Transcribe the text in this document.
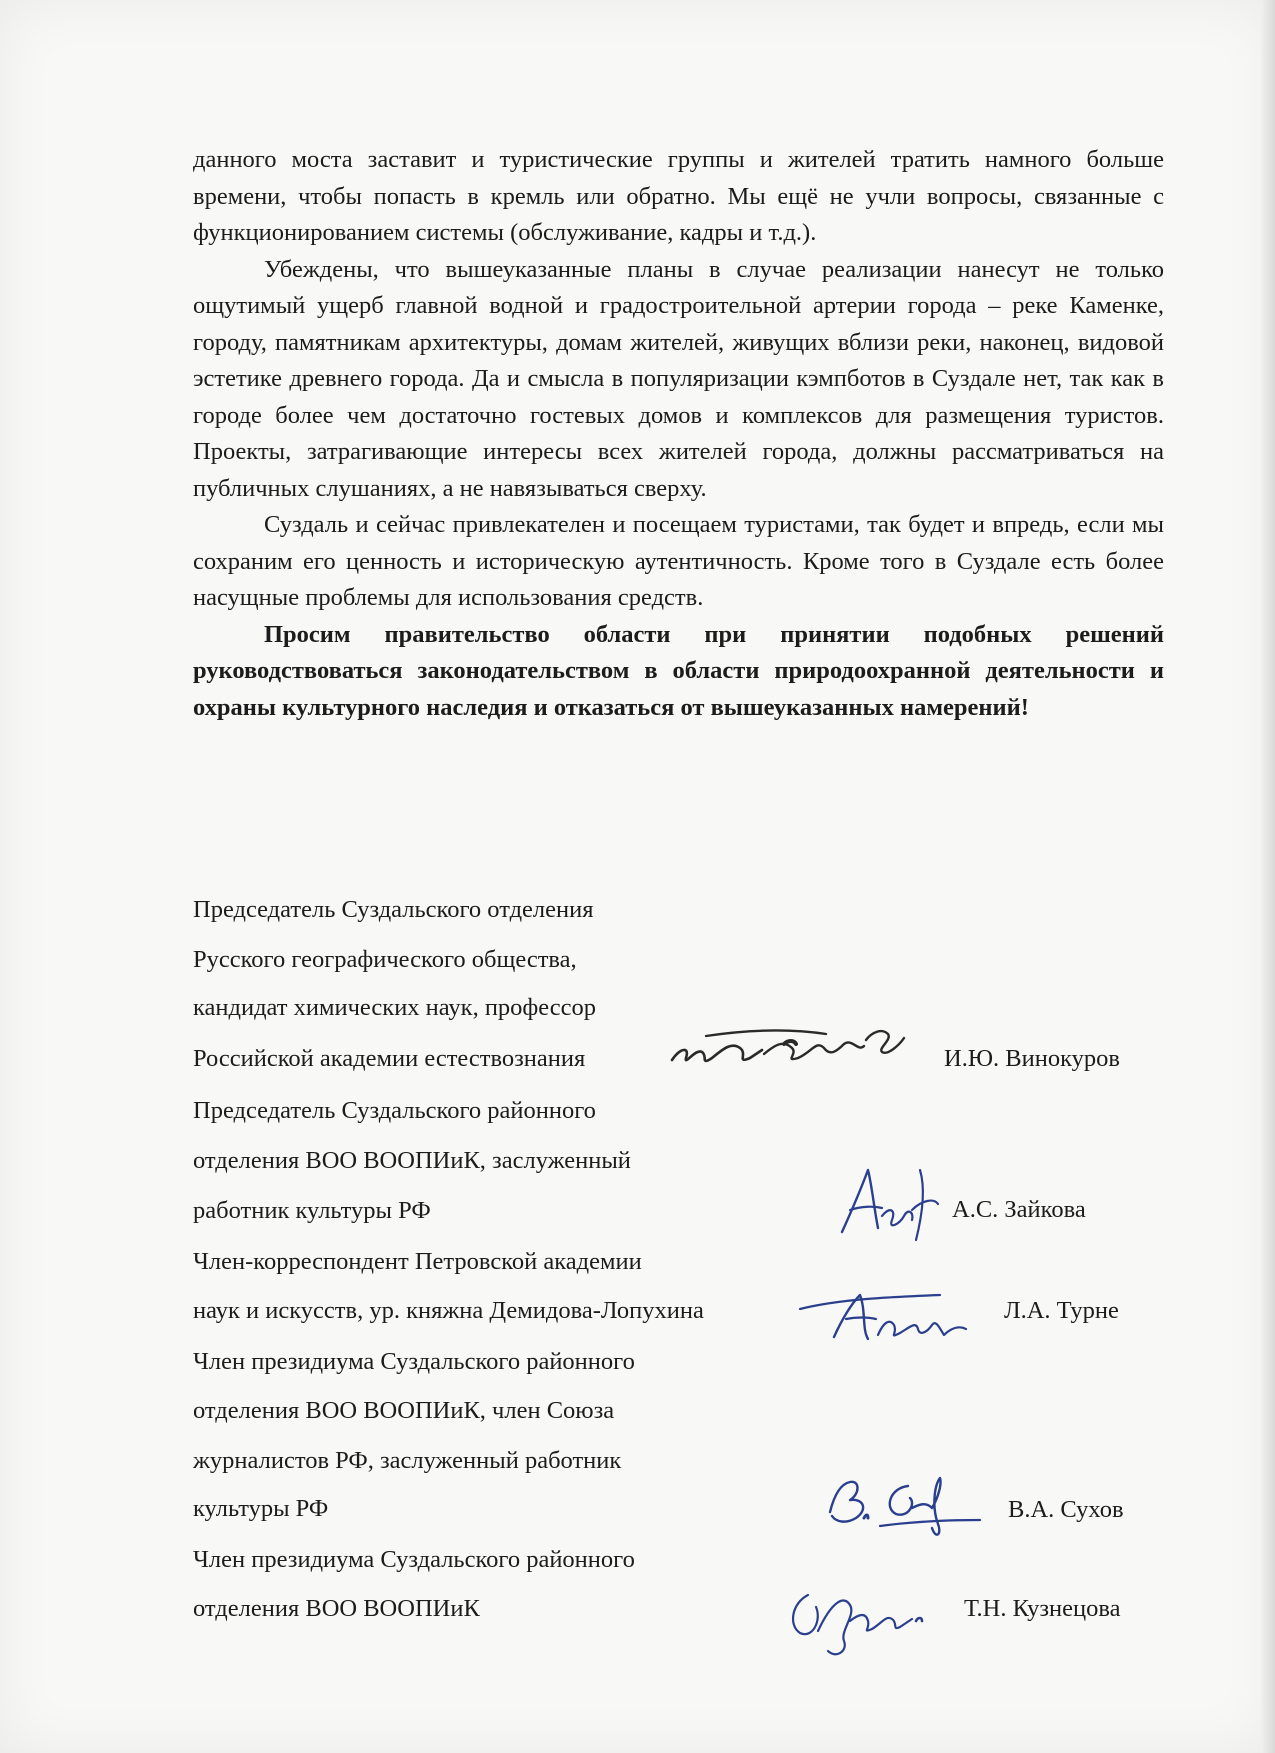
данного моста заставит и туристические группы и жителей тратить намного больше времени, чтобы попасть в кремль или обратно. Мы ещё не учли вопросы, связанные с функционированием системы (обслуживание, кадры и т.д.).

Убеждены, что вышеуказанные планы в случае реализации нанесут не только ощутимый ущерб главной водной и градостроительной артерии города – реке Каменке, городу, памятникам архитектуры, домам жителей, живущих вблизи реки, наконец, видовой эстетике древнего города. Да и смысла в популяризации кэмпботов в Суздале нет, так как в городе более чем достаточно гостевых домов и комплексов для размещения туристов. Проекты, затрагивающие интересы всех жителей города, должны рассматриваться на публичных слушаниях, а не навязываться сверху.

Суздаль и сейчас привлекателен и посещаем туристами, так будет и впредь, если мы сохраним его ценность и историческую аутентичность. Кроме того в Суздале есть более насущные проблемы для использования средств.

Просим правительство области при принятии подобных решений руководствоваться законодательством в области природоохранной деятельности и охраны культурного наследия и отказаться от вышеуказанных намерений!

Председатель Суздальского отделения
Русского географического общества,
кандидат химических наук, профессор
Российской академии естествознания	И.Ю. Винокуров
Председатель Суздальского районного
отделения ВОО ВООПИиК, заслуженный
работник культуры РФ	А.С. Зайкова
Член-корреспондент Петровской академии
наук и искусств, ур. княжна Демидова-Лопухина	Л.А. Турне
Член президиума Суздальского районного
отделения ВОО ВООПИиК, член Союза
журналистов РФ, заслуженный работник
культуры РФ	В.А. Сухов
Член президиума Суздальского районного
отделения ВОО ВООПИиК	Т.Н. Кузнецова
